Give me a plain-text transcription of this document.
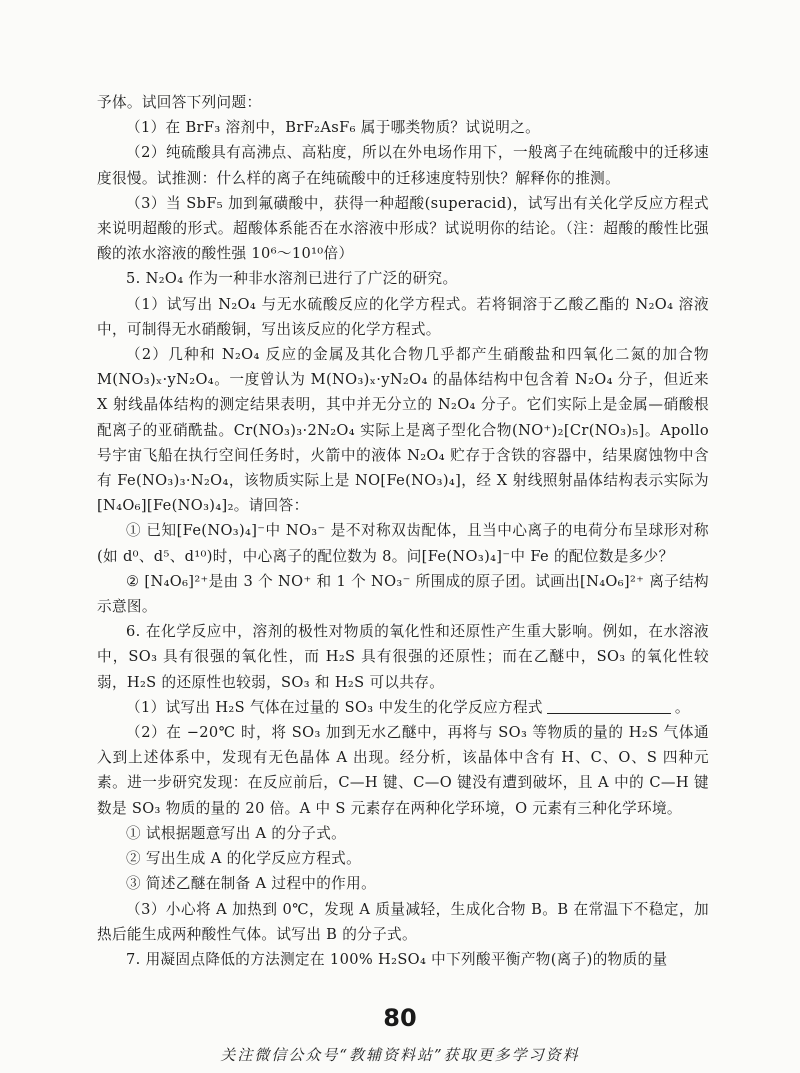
予体。试回答下列问题：

（1）在 BrF₃ 溶剂中，BrF₂AsF₆ 属于哪类物质？试说明之。

（2）纯硫酸具有高沸点、高粘度，所以在外电场作用下，一般离子在纯硫酸中的迁移速度很慢。试推测：什么样的离子在纯硫酸中的迁移速度特别快？解释你的推测。

（3）当 SbF₅ 加到氟磺酸中，获得一种超酸(superacid)，试写出有关化学反应方程式来说明超酸的形式。超酸体系能否在水溶液中形成？试说明你的结论。（注：超酸的酸性比强酸的浓水溶液的酸性强 10⁶～10¹⁰倍）

5. N₂O₄ 作为一种非水溶剂已进行了广泛的研究。

（1）试写出 N₂O₄ 与无水硫酸反应的化学方程式。若将铜溶于乙酸乙酯的 N₂O₄ 溶液中，可制得无水硝酸铜，写出该反应的化学方程式。

（2）几种和 N₂O₄ 反应的金属及其化合物几乎都产生硝酸盐和四氧化二氮的加合物 M(NO₃)ₓ·yN₂O₄。一度曾认为 M(NO₃)ₓ·yN₂O₄ 的晶体结构中包含着 N₂O₄ 分子，但近来 X 射线晶体结构的测定结果表明，其中并无分立的 N₂O₄ 分子。它们实际上是金属—硝酸根配离子的亚硝酰盐。Cr(NO₃)₃·2N₂O₄ 实际上是离子型化合物(NO⁺)₂[Cr(NO₃)₅]。Apollo 号宇宙飞船在执行空间任务时，火箭中的液体 N₂O₄ 贮存于含铁的容器中，结果腐蚀物中含有 Fe(NO₃)₃·N₂O₄，该物质实际上是 NO[Fe(NO₃)₄]，经 X 射线照射晶体结构表示实际为[N₄O₆][Fe(NO₃)₄]₂。请回答：

① 已知[Fe(NO₃)₄]⁻中 NO₃⁻ 是不对称双齿配体，且当中心离子的电荷分布呈球形对称(如 d⁰、d⁵、d¹⁰)时，中心离子的配位数为 8。问[Fe(NO₃)₄]⁻中 Fe 的配位数是多少？

② [N₄O₆]²⁺是由 3 个 NO⁺ 和 1 个 NO₃⁻ 所围成的原子团。试画出[N₄O₆]²⁺ 离子结构示意图。

6. 在化学反应中，溶剂的极性对物质的氧化性和还原性产生重大影响。例如，在水溶液中，SO₃ 具有很强的氧化性，而 H₂S 具有很强的还原性；而在乙醚中，SO₃ 的氧化性较弱，H₂S 的还原性也较弱，SO₃ 和 H₂S 可以共存。

（1）试写出 H₂S 气体在过量的 SO₃ 中发生的化学反应方程式	。

（2）在 −20℃ 时，将 SO₃ 加到无水乙醚中，再将与 SO₃ 等物质的量的 H₂S 气体通入到上述体系中，发现有无色晶体 A 出现。经分析，该晶体中含有 H、C、O、S 四种元素。进一步研究发现：在反应前后，C—H 键、C—O 键没有遭到破坏，且 A 中的 C—H 键数是 SO₃ 物质的量的 20 倍。A 中 S 元素存在两种化学环境，O 元素有三种化学环境。

① 试根据题意写出 A 的分子式。

② 写出生成 A 的化学反应方程式。

③ 简述乙醚在制备 A 过程中的作用。

（3）小心将 A 加热到 0℃，发现 A 质量减轻，生成化合物 B。B 在常温下不稳定，加热后能生成两种酸性气体。试写出 B 的分子式。

7. 用凝固点降低的方法测定在 100% H₂SO₄ 中下列酸平衡产物(离子)的物质的量

80
关注微信公众号“教辅资料站”获取更多学习资料
